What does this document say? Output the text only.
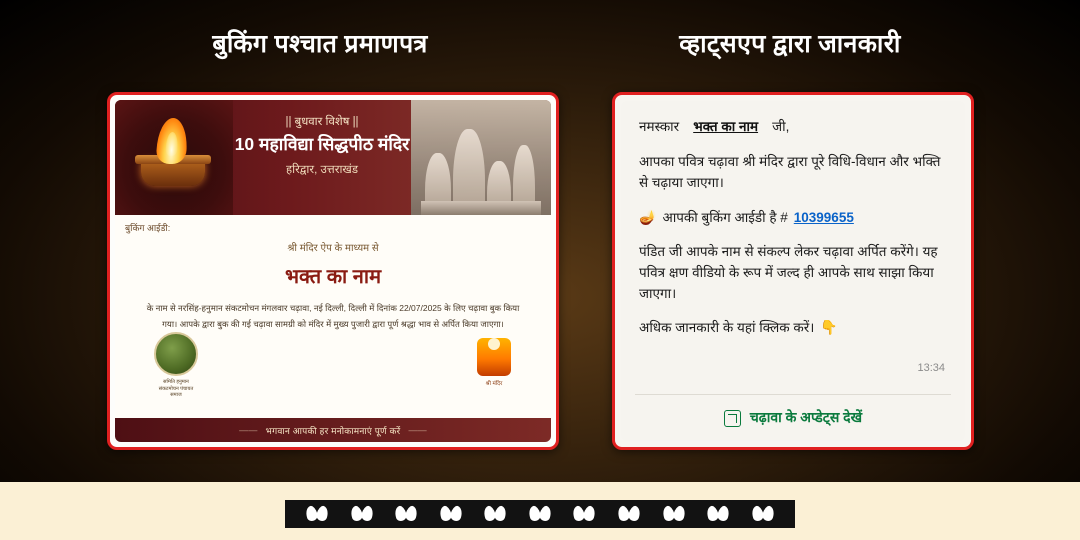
बुकिंग पश्चात प्रमाणपत्र	व्हाट्सएप द्वारा जानकारी
|| बुधवार विशेष ||
10 महाविद्या सिद्धपीठ मंदिर
हरिद्वार, उत्तराखंड
बुकिंग आईडी:
श्री मंदिर ऐप के माध्यम से
भक्त का नाम
के नाम से नरसिंह-हनुमान संकटमोचन मंगलवार चढ़ावा, नई दिल्ली, दिल्ली में दिनांक 22/07/2025 के लिए चढ़ावा बुक किया गया। आपके द्वारा बुक की गई चढ़ावा सामग्री को मंदिर में मुख्य पुजारी द्वारा पूर्ण श्रद्धा भाव से अर्पित किया जाएगा।
समिति हनुमान संकटमोचन पंचायत समाज
श्री मंदिर
—— भगवान आपकी हर मनोकामनाएं पूर्ण करें ——
नमस्कार भक्त का नाम जी,
आपका पवित्र चढ़ावा श्री मंदिर द्वारा पूरे विधि-विधान और भक्ति से चढ़ाया जाएगा।
🪔 आपकी बुकिंग आईडी है # 10399655
पंडित जी आपके नाम से संकल्प लेकर चढ़ावा अर्पित करेंगे। यह पवित्र क्षण वीडियो के रूप में जल्द ही आपके साथ साझा किया जाएगा।
अधिक जानकारी के यहां क्लिक करें। 👇
13:34
चढ़ावा के अप्डेट्स देखें
